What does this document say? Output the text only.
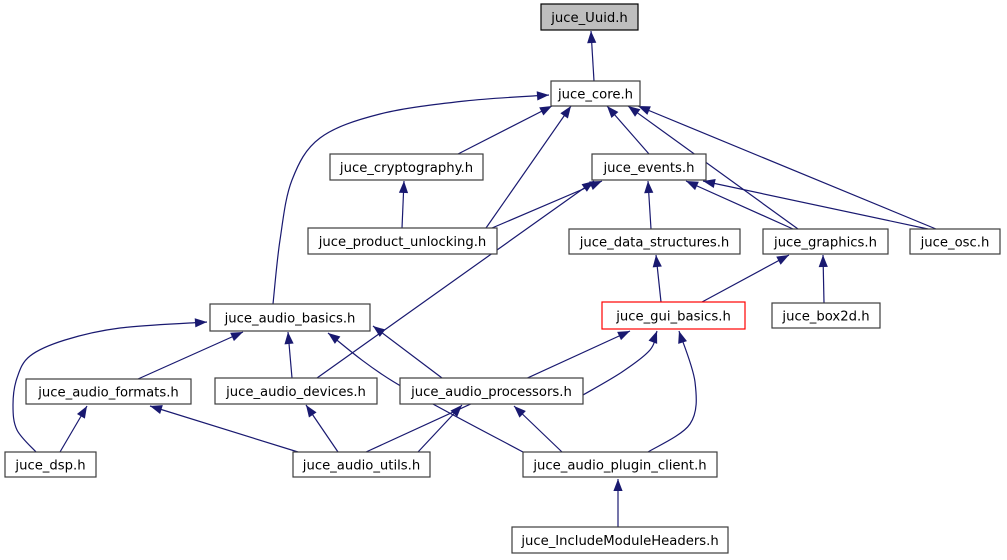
juce_Uuid.h
juce_core.h
juce_cryptography.h	juce_events.h
juce_product_unlocking.h	juce_data_structures.h	juce_graphics.h	juce_osc.h
juce_audio_basics.h	juce_gui_basics.h	juce_box2d.h
juce_audio_formats.h	juce_audio_devices.h	juce_audio_processors.h
juce_dsp.h	juce_audio_utils.h	juce_audio_plugin_client.h
juce_IncludeModuleHeaders.h
